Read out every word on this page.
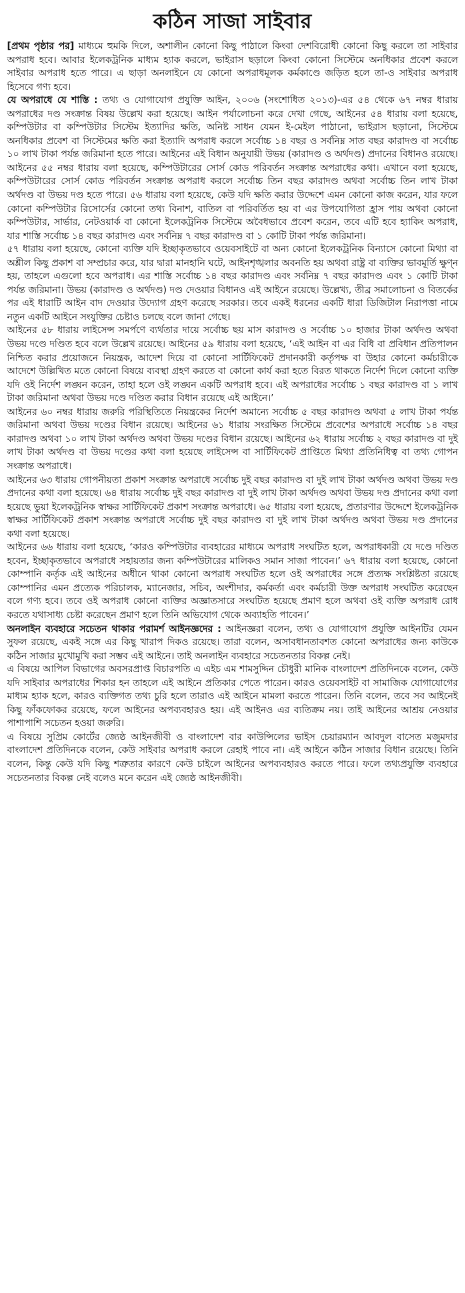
কঠিন সাজা সাইবার

[প্রথম পৃষ্ঠার পর] মাধ্যমে হুমকি দিলে, অশালীন কোনো কিছু পাঠালে কিংবা দেশবিরোধী কোনো কিছু করলে তা সাইবার অপরাধ হবে। আবার ইলেকট্রনিক মাধ্যম হ্যাক করলে, ভাইরাস ছড়ালে কিংবা কোনো সিস্টেমে অনধিকার প্রবেশ করলে সাইবার অপরাধ হতে পারে। এ ছাড়া অনলাইনে যে কোনো অপরাধমূলক কর্মকাণ্ডে জড়িত হলে তা-ও সাইবার অপরাধ হিসেবে গণ্য হবে।

যে অপরাধে যে শাস্তি : তথ্য ও যোগাযোগ প্রযুক্তি আইন, ২০০৬ (সংশোধিত ২০১৩)-এর ৫৪ থেকে ৬৭ নম্বর ধারায় অপরাধের দণ্ড সংক্রান্ত বিষয় উল্লেখ করা হয়েছে। আইন পর্যালোচনা করে দেখা গেছে, আইনের ৫৪ ধারায় বলা হয়েছে, কম্পিউটার বা কম্পিউটার সিস্টেম ইত্যাদির ক্ষতি, অনিষ্ট সাধন যেমন ই-মেইল পাঠানো, ভাইরাস ছড়ানো, সিস্টেমে অনধিকার প্রবেশ বা সিস্টেমের ক্ষতি করা ইত্যাদি অপরাধ করলে সর্বোচ্চ ১৪ বছর ও সর্বনিম্ন সাত বছর কারাদণ্ড বা সর্বোচ্চ ১০ লাখ টাকা পর্যন্ত জরিমানা হতে পারে। আইনের এই বিধান অনুযায়ী উভয় (কারাদণ্ড ও অর্থদণ্ড) প্রদানের বিধানও রয়েছে। আইনের ৫৫ নম্বর ধারায় বলা হয়েছে, কম্পিউটারের সোর্স কোড পরিবর্তন সংক্রান্ত অপরাধের কথা। এখানে বলা হয়েছে, কম্পিউটারের সোর্স কোড পরিবর্তন সংক্রান্ত অপরাধ করলে সর্বোচ্চ তিন বছর কারাদণ্ড অথবা সর্বোচ্চ তিন লাখ টাকা অর্থদণ্ড বা উভয় দণ্ড হতে পারে। ৫৬ ধারায় বলা হয়েছে, কেউ যদি ক্ষতি করার উদ্দেশে এমন কোনো কাজ করেন, যার ফলে কোনো কম্পিউটার রিসোর্সের কোনো তথ্য বিনাশ, বাতিল বা পরিবর্তিত হয় বা এর উপযোগিতা হ্রাস পায় অথবা কোনো কম্পিউটার, সার্ভার, নেটওয়ার্ক বা কোনো ইলেকট্রনিক সিস্টেমে অবৈধভাবে প্রবেশ করেন, তবে এটি হবে হ্যাকিং অপরাধ, যার শাস্তি সর্বোচ্চ ১৪ বছর কারাদণ্ড এবং সর্বনিম্ন ৭ বছর কারাদণ্ড বা ১ কোটি টাকা পর্যন্ত জরিমানা।

৫৭ ধারায় বলা হয়েছে, কোনো ব্যক্তি যদি ইচ্ছাকৃতভাবে ওয়েবসাইটে বা অন্য কোনো ইলেকট্রনিক বিন্যাসে কোনো মিথ্যা বা অশ্লীল কিছু প্রকাশ বা সম্প্রচার করে, যার দ্বারা মানহানি ঘটে, আইনশৃঙ্খলার অবনতি হয় অথবা রাষ্ট্র বা ব্যক্তির ভাবমূর্তি ক্ষুণ্ন হয়, তাহলে এগুলো হবে অপরাধ। এর শাস্তি সর্বোচ্চ ১৪ বছর কারাদণ্ড এবং সর্বনিম্ন ৭ বছর কারাদণ্ড এবং ১ কোটি টাকা পর্যন্ত জরিমানা। উভয় (কারাদণ্ড ও অর্থদণ্ড) দণ্ড দেওয়ার বিধানও এই আইনে রয়েছে। উল্লেখ্য, তীব্র সমালোচনা ও বিতর্কের পর এই ধারাটি আইন বাদ দেওয়ার উদ্যোগ গ্রহণ করেছে সরকার। তবে একই ধরনের একটি ধারা ডিজিটাল নিরাপত্তা নামে নতুন একটি আইনে সংযুক্তির চেষ্টাও চলছে বলে জানা গেছে।

আইনের ৫৮ ধারায় লাইসেন্স সমর্পণে ব্যর্থতার দায়ে সর্বোচ্চ ছয় মাস কারাদণ্ড ও সর্বোচ্চ ১০ হাজার টাকা অর্থদণ্ড অথবা উভয় দণ্ডে দণ্ডিত হবে বলে উল্লেখ রয়েছে। আইনের ৫৯ ধারায় বলা হয়েছে, ‘এই আইন বা এর বিধি বা প্রবিধান প্রতিপালন নিশ্চিত করার প্রয়োজনে নিয়ন্ত্রক, আদেশ দিয়ে বা কোনো সার্টিফিকেট প্রদানকারী কর্তৃপক্ষ বা উহার কোনো কর্মচারীকে আদেশে উল্লিখিত মতে কোনো বিষয়ে ব্যবস্থা গ্রহণ করতে বা কোনো কার্য করা হতে বিরত থাকতে নির্দেশ দিলে কোনো ব্যক্তি যদি ওই নির্দেশ লঙ্ঘন করেন, তাহা হলে ওই লঙ্ঘন একটি অপরাধ হবে। এই অপরাধের সর্বোচ্চ ১ বছর কারাদণ্ড বা ১ লাখ টাকা জরিমানা অথবা উভয় দণ্ডে দণ্ডিত করার বিধান রয়েছে এই আইনে।’

আইনের ৬০ নম্বর ধারায় জরুরি পরিস্থিতিতে নিয়ন্ত্রকের নির্দেশ অমান্যে সর্বোচ্চ ৫ বছর কারাদণ্ড অথবা ৫ লাখ টাকা পর্যন্ত জরিমানা অথবা উভয় দণ্ডের বিধান রয়েছে। আইনের ৬১ ধারায় সংরক্ষিত সিস্টেমে প্রবেশের অপরাধে সর্বোচ্চ ১৪ বছর কারাদণ্ড অথবা ১০ লাখ টাকা অর্থদণ্ড অথবা উভয় দণ্ডের বিধান রয়েছে। আইনের ৬২ ধারায় সর্বোচ্চ ২ বছর কারাদণ্ড বা দুই লাখ টাকা অর্থদণ্ড বা উভয় দণ্ডের কথা বলা হয়েছে লাইসেন্স বা সার্টিফিকেট প্রাপ্তিতে মিথ্যা প্রতিনিধিত্ব বা তথ্য গোপন সংক্রান্ত অপরাধে।

আইনের ৬৩ ধারায় গোপনীয়তা প্রকাশ সংক্রান্ত অপরাধে সর্বোচ্চ দুই বছর কারাদণ্ড বা দুই লাখ টাকা অর্থদণ্ড অথবা উভয় দণ্ড প্রদানের কথা বলা হয়েছে। ৬৪ ধারায় সর্বোচ্চ দুই বছর কারাদণ্ড বা দুই লাখ টাকা অর্থদণ্ড অথবা উভয় দণ্ড প্রদানের কথা বলা হয়েছে ভুয়া ইলেকট্রনিক স্বাক্ষর সার্টিফিকেট প্রকাশ সংক্রান্ত অপরাধে। ৬৫ ধারায় বলা হয়েছে, প্রতারণার উদ্দেশে ইলেকট্রনিক স্বাক্ষর সার্টিফিকেট প্রকাশ সংক্রান্ত অপরাধে সর্বোচ্চ দুই বছর কারাদণ্ড বা দুই লাখ টাকা অর্থদণ্ড অথবা উভয় দণ্ড প্রদানের কথা বলা হয়েছে।

আইনের ৬৬ ধারায় বলা হয়েছে, ‘কারও কম্পিউটার ব্যবহারের মাধ্যমে অপরাধ সংঘটিত হলে, অপরাধকারী যে দণ্ডে দণ্ডিত হবেন, ইচ্ছাকৃতভাবে অপরাধে সহায়তার জন্য কম্পিউটারের মালিকও সমান সাজা পাবেন।’ ৬৭ ধারায় বলা হয়েছে, কোনো কোম্পানি কর্তৃক এই আইনের অধীনে থাকা কোনো অপরাধ সংঘটিত হলে ওই অপরাধের সঙ্গে প্রত্যক্ষ সংশ্লিষ্টতা রয়েছে কোম্পানির এমন প্রত্যেক পরিচালক, ম্যানেজার, সচিব, অংশীদার, কর্মকর্তা এবং কর্মচারী উক্ত অপরাধ সংঘটিত করেছেন বলে গণ্য হবে। তবে ওই অপরাধ কোনো ব্যক্তির অজ্ঞাতসারে সংঘটিত হয়েছে প্রমাণ হলে অথবা ওই ব্যক্তি অপরাধ রোধ করতে যথাসাধ্য চেষ্টা করেছেন প্রমাণ হলে তিনি অভিযোগ থেকে অব্যাহতি পাবেন।’

অনলাইন ব্যবহারে সচেতন থাকার পরামর্শ আইনজ্ঞদের : আইনজ্ঞরা বলেন, তথ্য ও যোগাযোগ প্রযুক্তি আইনটির যেমন সুফল রয়েছে, একই সঙ্গে এর কিছু খারাপ দিকও রয়েছে। তারা বলেন, অসাবধানতাবশত কোনো অপরাধের জন্য কাউকে কঠিন সাজার মুখোমুখি করা সম্ভব এই আইনে। তাই অনলাইন ব্যবহারে সচেতনতার বিকল্প নেই।

এ বিষয়ে আপিল বিভাগের অবসরপ্রাপ্ত বিচারপতি এ এইচ এম শামসুদ্দিন চৌধুরী মানিক বাংলাদেশ প্রতিদিনকে বলেন, কেউ যদি সাইবার অপরাধের শিকার হন তাহলে এই আইনে প্রতিকার পেতে পারেন। কারও ওয়েবসাইট বা সামাজিক যোগাযোগের মাধ্যম হ্যাক হলে, কারও ব্যক্তিগত তথ্য চুরি হলে তারাও এই আইনে মামলা করতে পারেন। তিনি বলেন, তবে সব আইনেই কিছু ফাঁকফোকর রয়েছে, ফলে আইনের অপব্যবহারও হয়। এই আইনও এর ব্যতিক্রম নয়। তাই আইনের আশ্রয় নেওয়ার পাশাপাশি সচেতন হওয়া জরুরি।

এ বিষয়ে সুপ্রিম কোর্টের জ্যেষ্ঠ আইনজীবী ও বাংলাদেশ বার কাউন্সিলের ভাইস চেয়ারম্যান আবদুল বাসেত মজুমদার বাংলাদেশ প্রতিদিনকে বলেন, কেউ সাইবার অপরাধ করলে রেহাই পাবে না। এই আইনে কঠিন সাজার বিধান রয়েছে। তিনি বলেন, কিন্তু কেউ যদি কিছু শত্রুতার কারণে কেউ চাইলে আইনের অপব্যবহারও করতে পারে। ফলে তথ্যপ্রযুক্তি ব্যবহারে সচেতনতার বিকল্প নেই বলেও মনে করেন এই জ্যেষ্ঠ আইনজীবী।
